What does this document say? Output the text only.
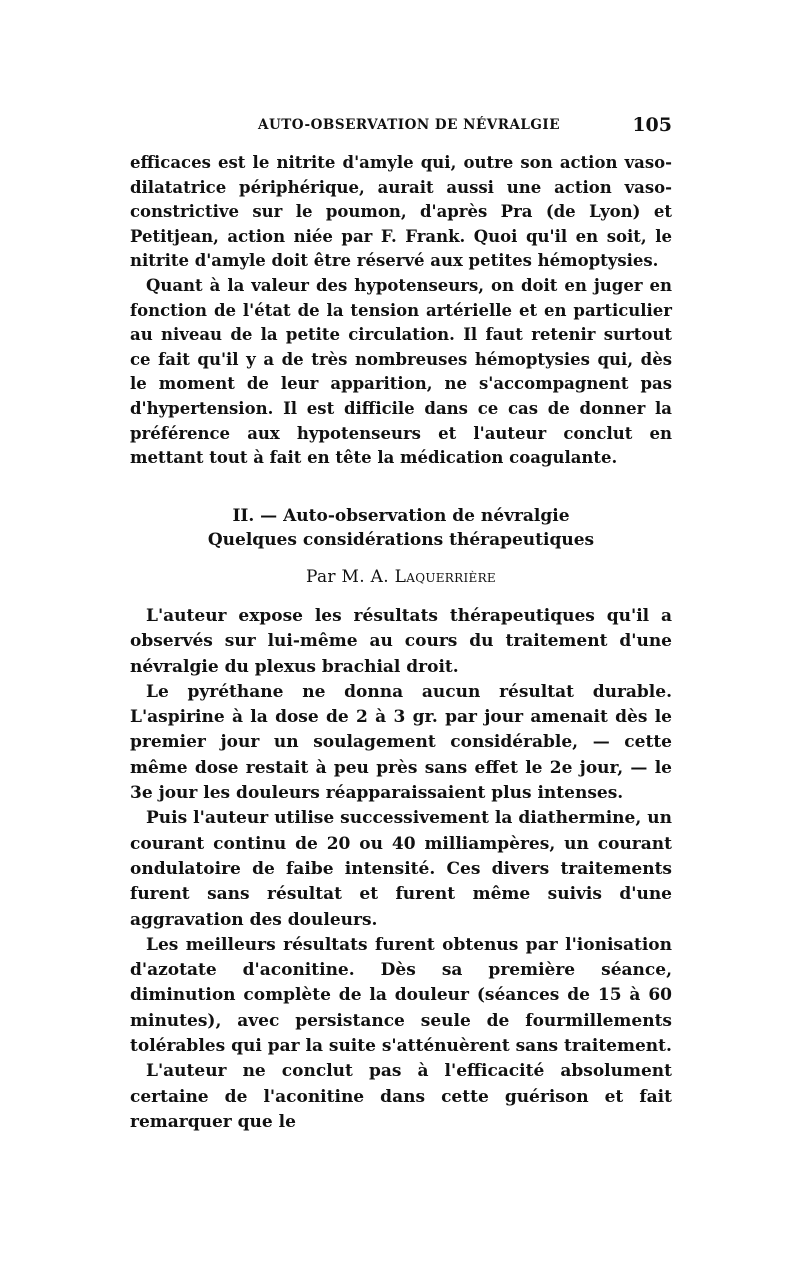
AUTO-OBSERVATION DE NÉVRALGIE	105

efficaces est le nitrite d'amyle qui, outre son action vaso-dilatatrice périphérique, aurait aussi une action vaso-constrictive sur le poumon, d'après Pra (de Lyon) et Petitjean, action niée par F. Frank. Quoi qu'il en soit, le nitrite d'amyle doit être réservé aux petites hémoptysies.

Quant à la valeur des hypotenseurs, on doit en juger en fonction de l'état de la tension artérielle et en particulier au niveau de la petite circulation. Il faut retenir surtout ce fait qu'il y a de très nombreuses hémoptysies qui, dès le moment de leur apparition, ne s'accompagnent pas d'hypertension. Il est difficile dans ce cas de donner la préférence aux hypotenseurs et l'auteur conclut en mettant tout à fait en tête la médication coagulante.

II. — Auto-observation de névralgie
Quelques considérations thérapeutiques
Par M. A. Laquerrière

L'auteur expose les résultats thérapeutiques qu'il a observés sur lui-même au cours du traitement d'une névralgie du plexus brachial droit.

Le pyréthane ne donna aucun résultat durable. L'aspirine à la dose de 2 à 3 gr. par jour amenait dès le premier jour un soulagement considérable, — cette même dose restait à peu près sans effet le 2e jour, — le 3e jour les douleurs réapparaissaient plus intenses.

Puis l'auteur utilise successivement la diathermine, un courant continu de 20 ou 40 milliampères, un courant ondulatoire de faibe intensité. Ces divers traitements furent sans résultat et furent même suivis d'une aggravation des douleurs.

Les meilleurs résultats furent obtenus par l'ionisation d'azotate d'aconitine. Dès sa première séance, diminution complète de la douleur (séances de 15 à 60 minutes), avec persistance seule de fourmillements tolérables qui par la suite s'atténuèrent sans traitement.

L'auteur ne conclut pas à l'efficacité absolument certaine de l'aconitine dans cette guérison et fait remarquer que le
